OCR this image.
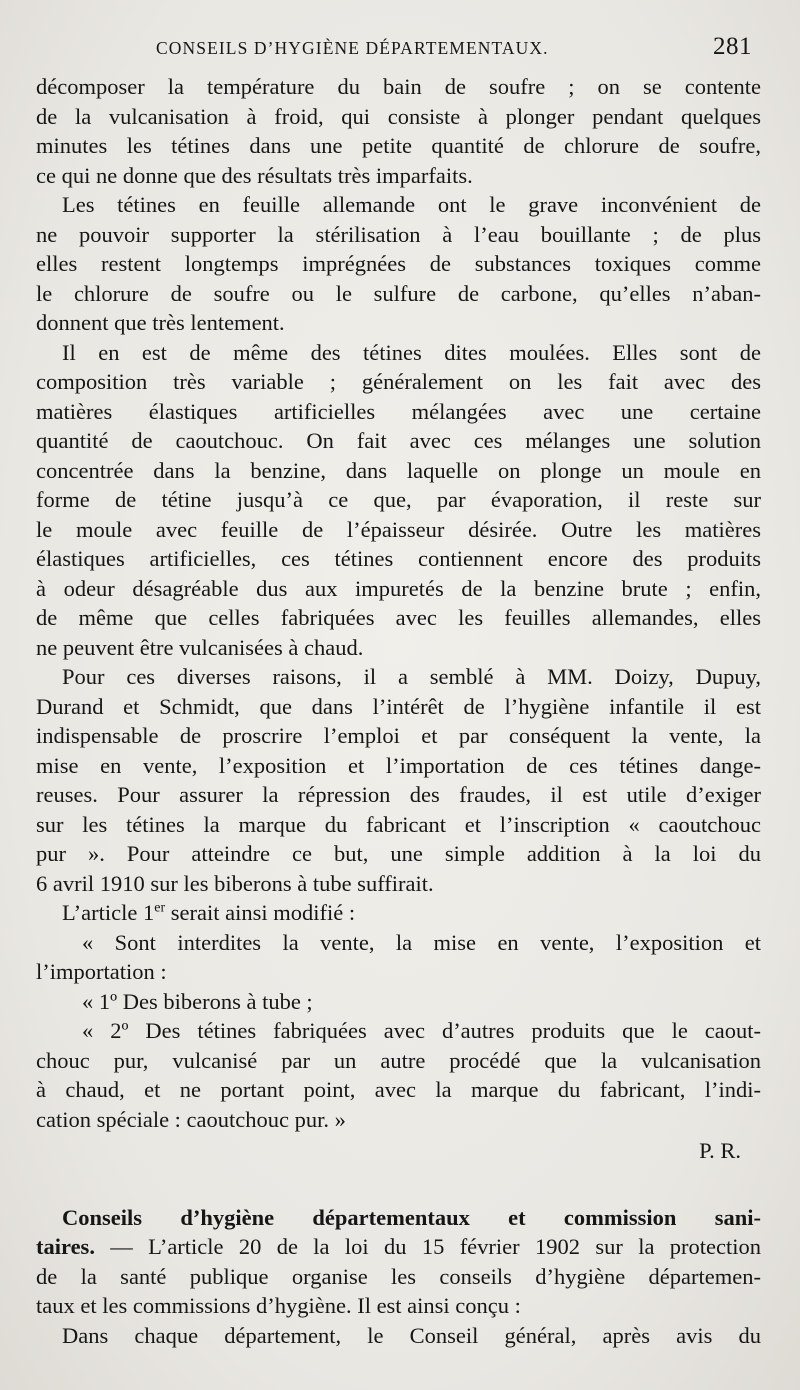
CONSEILS D’HYGIÈNE DÉPARTEMENTAUX.	281
décomposer la température du bain de soufre ; on se contente
de la vulcanisation à froid, qui consiste à plonger pendant quelques
minutes les tétines dans une petite quantité de chlorure de soufre,
ce qui ne donne que des résultats très imparfaits.
Les tétines en feuille allemande ont le grave inconvénient de
ne pouvoir supporter la stérilisation à l’eau bouillante ; de plus
elles restent longtemps imprégnées de substances toxiques comme
le chlorure de soufre ou le sulfure de carbone, qu’elles n’aban-
donnent que très lentement.
Il en est de même des tétines dites moulées. Elles sont de
composition très variable ; généralement on les fait avec des
matières élastiques artificielles mélangées avec une certaine
quantité de caoutchouc. On fait avec ces mélanges une solution
concentrée dans la benzine, dans laquelle on plonge un moule en
forme de tétine jusqu’à ce que, par évaporation, il reste sur
le moule avec feuille de l’épaisseur désirée. Outre les matières
élastiques artificielles, ces tétines contiennent encore des produits
à odeur désagréable dus aux impuretés de la benzine brute ; enfin,
de même que celles fabriquées avec les feuilles allemandes, elles
ne peuvent être vulcanisées à chaud.
Pour ces diverses raisons, il a semblé à MM. Doizy, Dupuy,
Durand et Schmidt, que dans l’intérêt de l’hygiène infantile il est
indispensable de proscrire l’emploi et par conséquent la vente, la
mise en vente, l’exposition et l’importation de ces tétines dange-
reuses. Pour assurer la répression des fraudes, il est utile d’exiger
sur les tétines la marque du fabricant et l’inscription « caoutchouc
pur ». Pour atteindre ce but, une simple addition à la loi du
6 avril 1910 sur les biberons à tube suffirait.
L’article 1er serait ainsi modifié :
« Sont interdites la vente, la mise en vente, l’exposition et
l’importation :
« 1º Des biberons à tube ;
« 2º Des tétines fabriquées avec d’autres produits que le caout-
chouc pur, vulcanisé par un autre procédé que la vulcanisation
à chaud, et ne portant point, avec la marque du fabricant, l’indi-
cation spéciale : caoutchouc pur. »
P. R.
Conseils d’hygiène départementaux et commission sani-
taires. — L’article 20 de la loi du 15 février 1902 sur la protection
de la santé publique organise les conseils d’hygiène départemen-
taux et les commissions d’hygiène. Il est ainsi conçu :
Dans chaque département, le Conseil général, après avis du
